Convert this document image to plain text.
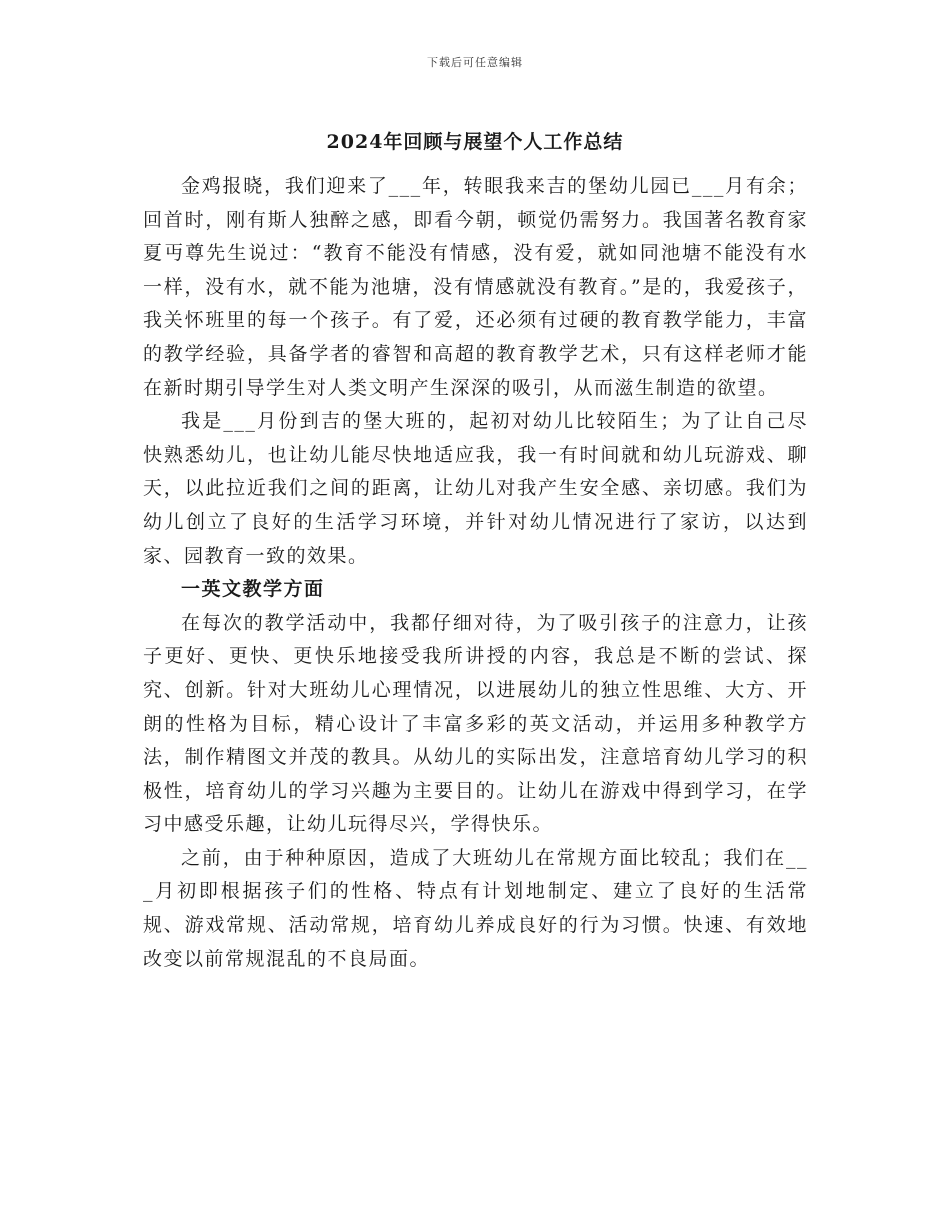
下载后可任意编辑
2024年回顾与展望个人工作总结

金鸡报晓，我们迎来了___年，转眼我来吉的堡幼儿园已___月有余；回首时，刚有斯人独醉之感，即看今朝，顿觉仍需努力。我国著名教育家夏丏尊先生说过：“教育不能没有情感，没有爱，就如同池塘不能没有水一样，没有水，就不能为池塘，没有情感就没有教育。”是的，我爱孩子，我关怀班里的每一个孩子。有了爱，还必须有过硬的教育教学能力，丰富的教学经验，具备学者的睿智和高超的教育教学艺术，只有这样老师才能在新时期引导学生对人类文明产生深深的吸引，从而滋生制造的欲望。

我是___月份到吉的堡大班的，起初对幼儿比较陌生；为了让自己尽快熟悉幼儿，也让幼儿能尽快地适应我，我一有时间就和幼儿玩游戏、聊天，以此拉近我们之间的距离，让幼儿对我产生安全感、亲切感。我们为幼儿创立了良好的生活学习环境，并针对幼儿情况进行了家访，以达到家、园教育一致的效果。

一英文教学方面

在每次的教学活动中，我都仔细对待，为了吸引孩子的注意力，让孩子更好、更快、更快乐地接受我所讲授的内容，我总是不断的尝试、探究、创新。针对大班幼儿心理情况，以进展幼儿的独立性思维、大方、开朗的性格为目标，精心设计了丰富多彩的英文活动，并运用多种教学方法，制作精图文并茂的教具。从幼儿的实际出发，注意培育幼儿学习的积极性，培育幼儿的学习兴趣为主要目的。让幼儿在游戏中得到学习，在学习中感受乐趣，让幼儿玩得尽兴，学得快乐。

之前，由于种种原因，造成了大班幼儿在常规方面比较乱；我们在___月初即根据孩子们的性格、特点有计划地制定、建立了良好的生活常规、游戏常规、活动常规，培育幼儿养成良好的行为习惯。快速、有效地改变以前常规混乱的不良局面。
